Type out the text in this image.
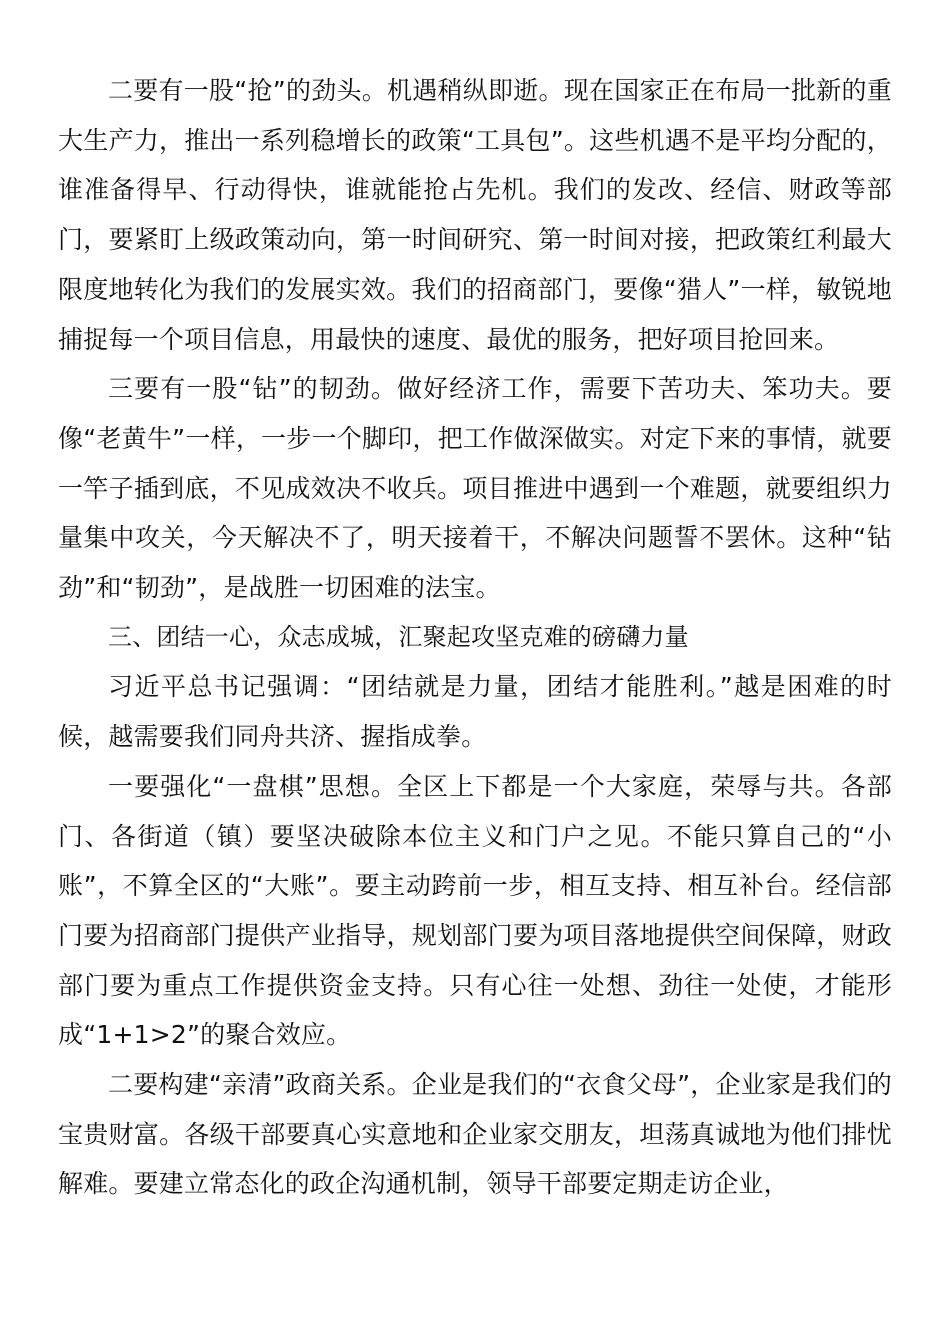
二要有一股“抢”的劲头。机遇稍纵即逝。现在国家正在布局一批新的重大生产力，推出一系列稳增长的政策“工具包”。这些机遇不是平均分配的，谁准备得早、行动得快，谁就能抢占先机。我们的发改、经信、财政等部门，要紧盯上级政策动向，第一时间研究、第一时间对接，把政策红利最大限度地转化为我们的发展实效。我们的招商部门，要像“猎人”一样，敏锐地捕捉每一个项目信息，用最快的速度、最优的服务，把好项目抢回来。

三要有一股“钻”的韧劲。做好经济工作，需要下苦功夫、笨功夫。要像“老黄牛”一样，一步一个脚印，把工作做深做实。对定下来的事情，就要一竿子插到底，不见成效决不收兵。项目推进中遇到一个难题，就要组织力量集中攻关，今天解决不了，明天接着干，不解决问题誓不罢休。这种“钻劲”和“韧劲”，是战胜一切困难的法宝。

三、团结一心，众志成城，汇聚起攻坚克难的磅礴力量

习近平总书记强调：“团结就是力量，团结才能胜利。”越是困难的时候，越需要我们同舟共济、握指成拳。

一要强化“一盘棋”思想。全区上下都是一个大家庭，荣辱与共。各部门、各街道（镇）要坚决破除本位主义和门户之见。不能只算自己的“小账”，不算全区的“大账”。要主动跨前一步，相互支持、相互补台。经信部门要为招商部门提供产业指导，规划部门要为项目落地提供空间保障，财政部门要为重点工作提供资金支持。只有心往一处想、劲往一处使，才能形成“1+1>2”的聚合效应。

二要构建“亲清”政商关系。企业是我们的“衣食父母”，企业家是我们的宝贵财富。各级干部要真心实意地和企业家交朋友，坦荡真诚地为他们排忧解难。要建立常态化的政企沟通机制，领导干部要定期走访企业，
